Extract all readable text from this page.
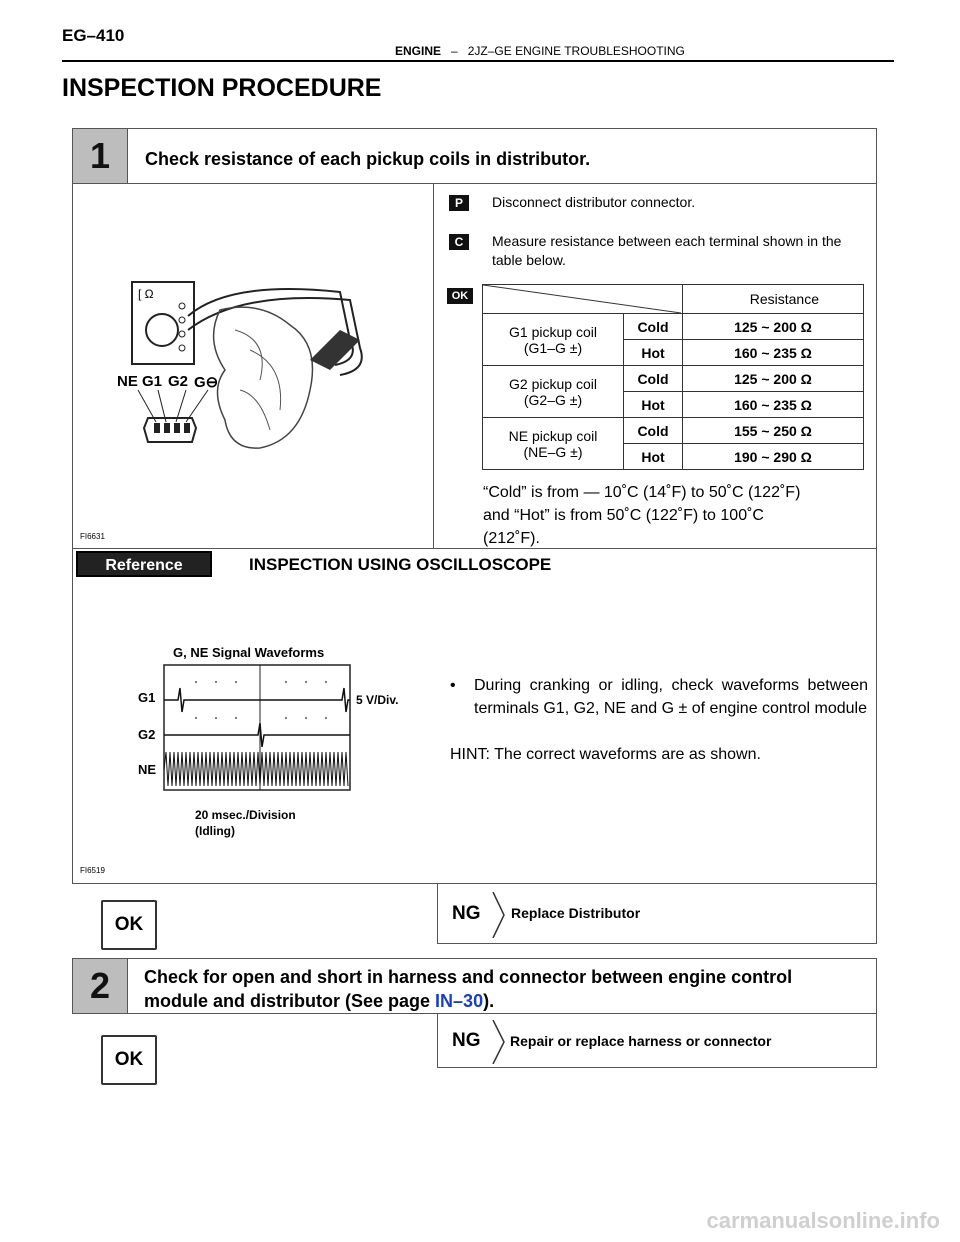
EG–410
ENGINE – 2JZ–GE ENGINE TROUBLESHOOTING
INSPECTION PROCEDURE
1	Check resistance of each pickup coils in distributor.
[ Ω
NE G1 G2 G⊖
FI6631
P	Disconnect distributor connector.
C	Measure resistance between each terminal shown in the table below.
OK
		Resistance

G1 pickup coil
(G1–G ±)	Cold	125 ~ 200 Ω
	Hot	160 ~ 235 Ω

G2 pickup coil
(G2–G ±)	Cold	125 ~ 200 Ω
	Hot	160 ~ 235 Ω

NE pickup coil
(NE–G ±)	Cold	155 ~ 250 Ω
	Hot	190 ~ 290 Ω
“Cold” is from — 10˚C (14˚F) to 50˚C (122˚F)
and “Hot” is from 50˚C (122˚F) to 100˚C
(212˚F).
Reference	INSPECTION USING OSCILLOSCOPE
G, NE Signal Waveforms
G1
G2
NE
5 V/Div.
20 msec./Division
(Idling)
FI6519
• During cranking or idling, check waveforms between terminals G1, G2, NE and G ± of engine control module
HINT: The correct waveforms are as shown.
OK
NG Replace Distributor
2	Check for open and short in harness and connector between engine control
module and distributor (See page IN–30).
OK
NG Repair or replace harness or connector
carmanualsonline.info
